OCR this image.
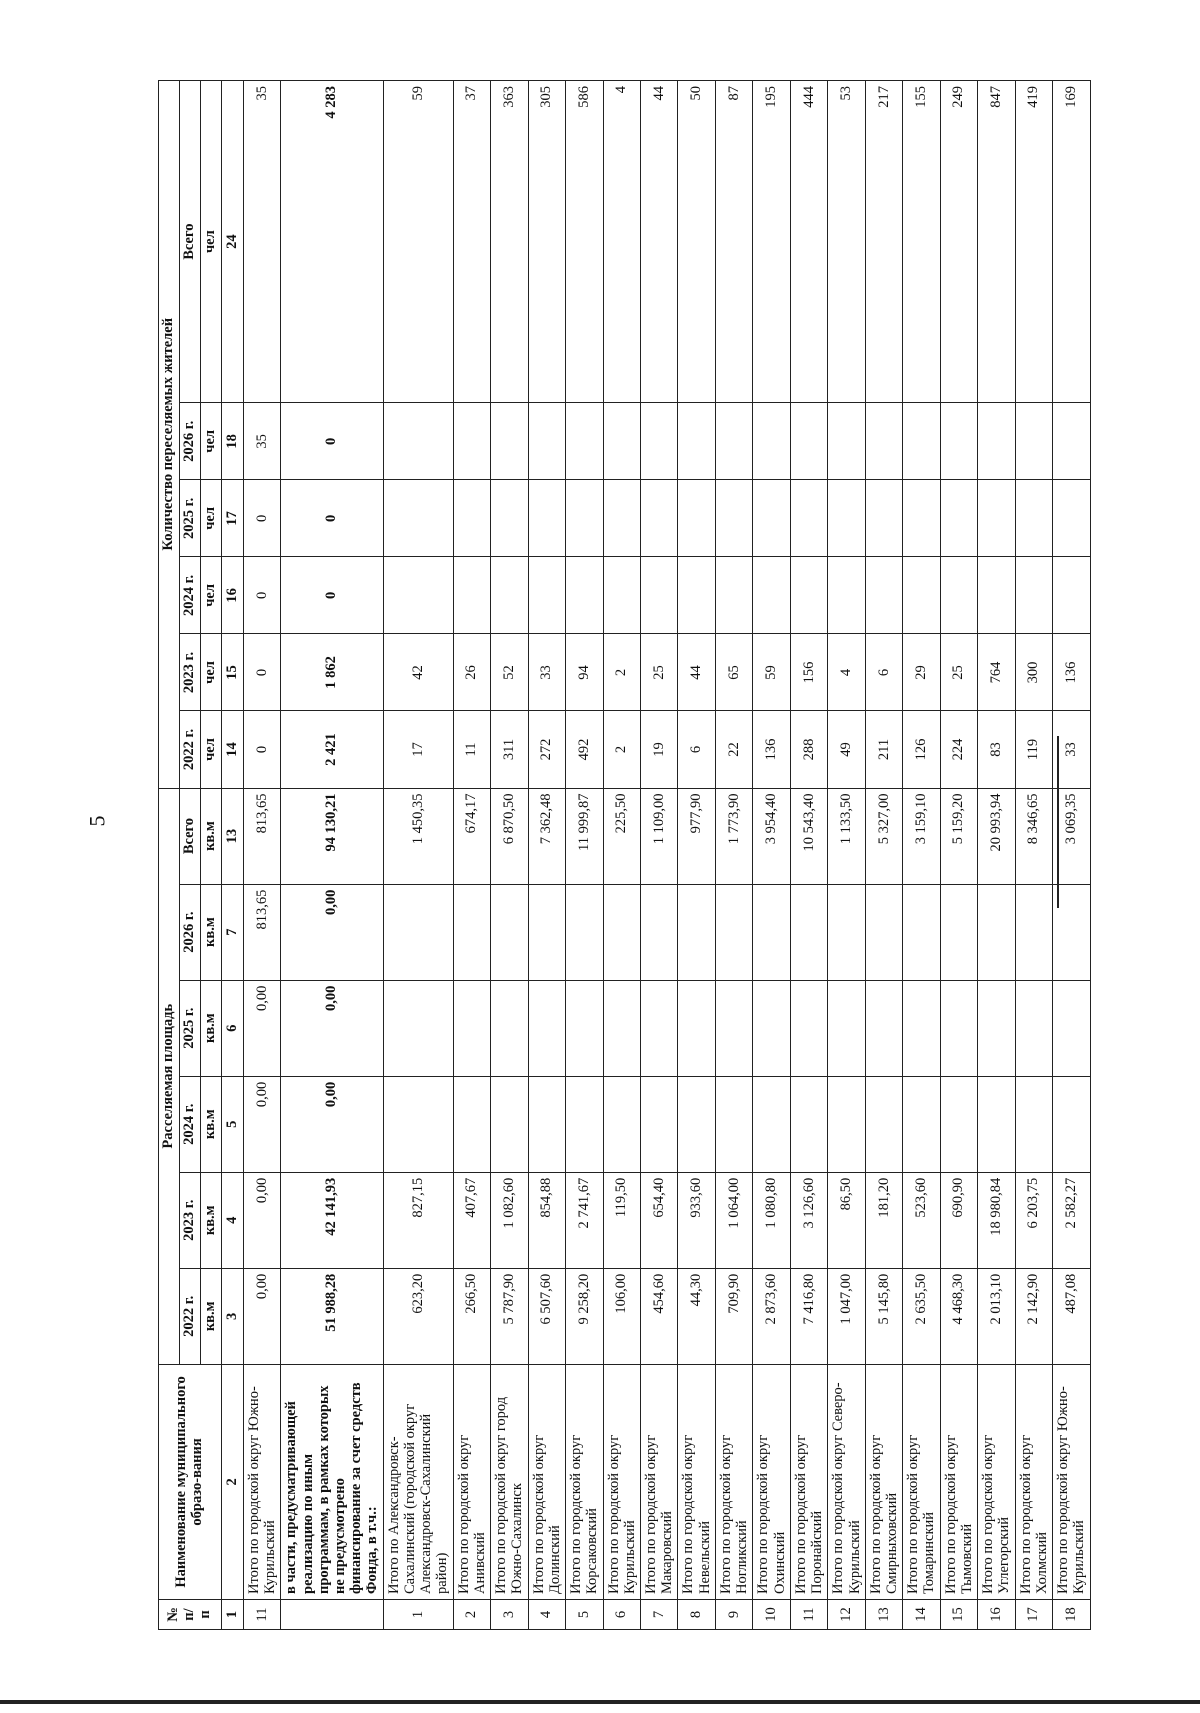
5
№ п/п	Наименование муниципального образо-вания	Расселяемая площадь						Количество переселяемых жителей					
		2022 г.	2023 г.	2024 г.	2025 г.	2026 г.	Всего	2022 г.	2023 г.	2024 г.	2025 г.	2026 г.	Всего
		кв.м	кв.м	кв.м	кв.м	кв.м	кв.м	чел	чел	чел	чел	чел	чел
1	2	3	4	5	6	7	13	14	15	16	17	18	24
11	Итого по городской округ Южно-Курильский	0,00	0,00	0,00	0,00	813,65	813,65	0	0	0	0	35	35
	в части, предусматривающей реализацию по иным программам, в рамках которых не предусмотрено финансирование за счет средств Фонда, в т.ч.:	51 988,28	42 141,93	0,00	0,00	0,00	94 130,21	2 421	1 862	0	0	0	4 283
1	Итого по Александровск-Сахалинский (городской округ Александровск-Сахалинский район)	623,20	827,15				1 450,35	17	42				59
2	Итого по городской округ Анивский	266,50	407,67				674,17	11	26				37
3	Итого по городской округ город Южно-Сахалинск	5 787,90	1 082,60				6 870,50	311	52				363
4	Итого по городской округ Долинский	6 507,60	854,88				7 362,48	272	33				305
5	Итого по городской округ Корсаковский	9 258,20	2 741,67				11 999,87	492	94				586
6	Итого по городской округ Курильский	106,00	119,50				225,50	2	2				4
7	Итого по городской округ Макаровский	454,60	654,40				1 109,00	19	25				44
8	Итого по городской округ Невельский	44,30	933,60				977,90	6	44				50
9	Итого по городской округ Ногликский	709,90	1 064,00				1 773,90	22	65				87
10	Итого по городской округ Охинский	2 873,60	1 080,80				3 954,40	136	59				195
11	Итого по городской округ Поронайский	7 416,80	3 126,60				10 543,40	288	156				444
12	Итого по городской округ Северо-Курильский	1 047,00	86,50				1 133,50	49	4				53
13	Итого по городской округ Смирныховский	5 145,80	181,20				5 327,00	211	6				217
14	Итого по городской округ Томаринский	2 635,50	523,60				3 159,10	126	29				155
15	Итого по городской округ Тымовский	4 468,30	690,90				5 159,20	224	25				249
16	Итого по городской округ Углегорский	2 013,10	18 980,84				20 993,94	83	764				847
17	Итого по городской округ Холмский	2 142,90	6 203,75				8 346,65	119	300				419
18	Итого по городской округ Южно-Курильский	487,08	2 582,27				3 069,35	33	136				169
